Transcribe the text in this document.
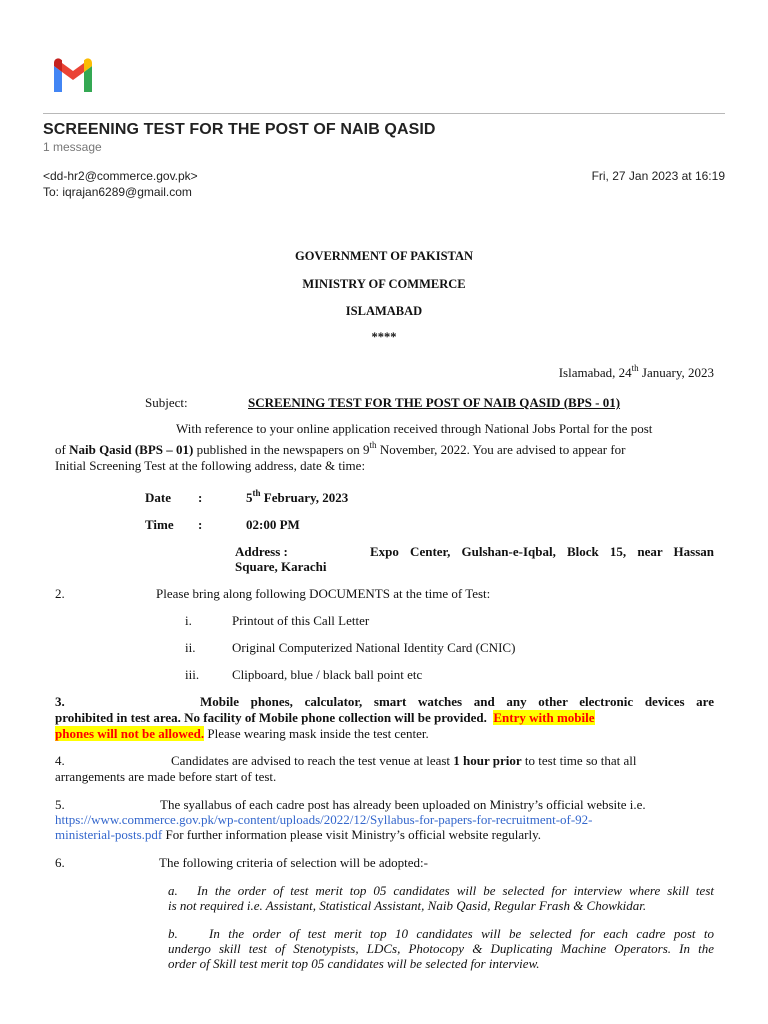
SCREENING TEST FOR THE POST OF NAIB QASID
1 message
<dd-hr2@commerce.gov.pk>
To: iqrajan6289@gmail.com
Fri, 27 Jan 2023 at 16:19
GOVERNMENT OF PAKISTAN
MINISTRY OF COMMERCE
ISLAMABAD
****
Islamabad, 24th January, 2023
Subject:	SCREENING TEST FOR THE POST OF NAIB QASID (BPS - 01)
With reference to your online application received through National Jobs Portal for the post
of Naib Qasid (BPS – 01) published in the newspapers on 9th November, 2022. You are advised to appear for
Initial Screening Test at the following address, date & time:
Date :	5th February, 2023
Time :	02:00 PM
Address :	Expo Center, Gulshan-e-Iqbal, Block 15, near Hassan
Square, Karachi
2.	Please bring along following DOCUMENTS at the time of Test:
i.	Printout of this Call Letter
ii.	Original Computerized National Identity Card (CNIC)
iii.	Clipboard, blue / black ball point etc
3.	Mobile phones, calculator, smart watches and any other electronic devices are
prohibited in test area. No facility of Mobile phone collection will be provided. Entry with mobile
phones will not be allowed. Please wearing mask inside the test center.
4.	Candidates are advised to reach the test venue at least 1 hour prior to test time so that all
arrangements are made before start of test.
5.	The syallabus of each cadre post has already been uploaded on Ministry’s official website i.e.
https://www.commerce.gov.pk/wp-content/uploads/2022/12/Syllabus-for-papers-for-recruitment-of-92-
ministerial-posts.pdf For further information please visit Ministry’s official website regularly.
6.	The following criteria of selection will be adopted:-
a. In the order of test merit top 05 candidates will be selected for interview where skill test
is not required i.e. Assistant, Statistical Assistant, Naib Qasid, Regular Frash & Chowkidar.
b. In the order of test merit top 10 candidates will be selected for each cadre post to
undergo skill test of Stenotypists, LDCs, Photocopy & Duplicating Machine Operators. In the
order of Skill test merit top 05 candidates will be selected for interview.
